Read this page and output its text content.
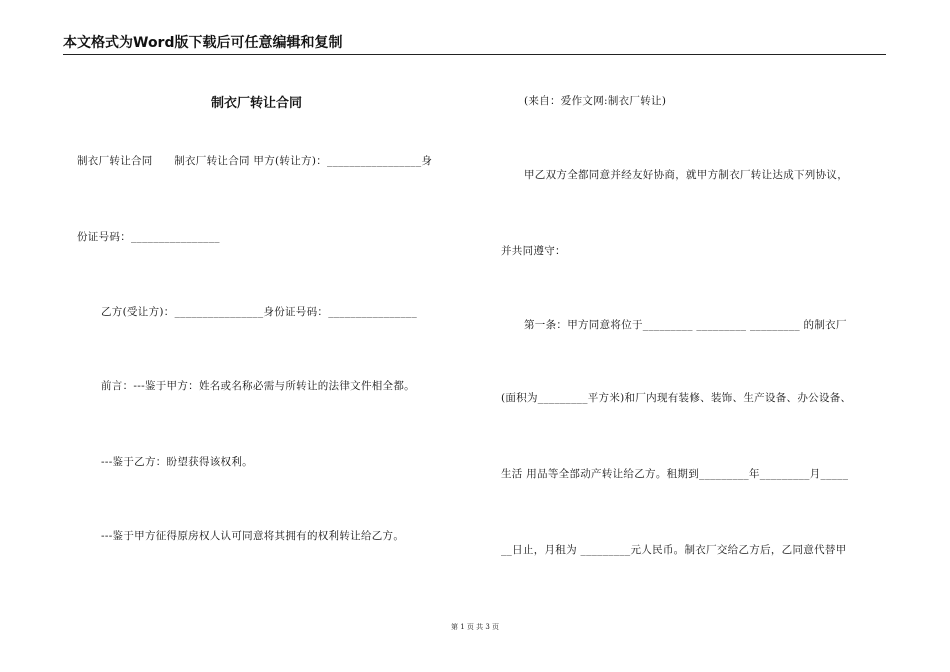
本文格式为Word版下载后可任意编辑和复制
制衣厂转让合同
制衣厂转让合同　　制衣厂转让合同 甲方(转让方)：_________________身
份证号码：________________
乙方(受让方)：________________身份证号码：________________
前言：---鉴于甲方：姓名或名称必需与所转让的法律文件相全都。
---鉴于乙方：盼望获得该权利。
---鉴于甲方征得原房权人认可同意将其拥有的权利转让给乙方。
(来自：爱作文网:制衣厂转让)
甲乙双方全都同意并经友好协商，就甲方制衣厂转让达成下列协议，
并共同遵守：
第一条：甲方同意将位于_________ _________ _________ 的制衣厂
(面积为_________平方米)和厂内现有装修、装饰、生产设备、办公设备、
生活 用品等全部动产转让给乙方。租期到_________年_________月_____
__日止，月租为 _________元人民币。制衣厂交给乙方后，乙同意代替甲
第 1 页 共 3 页
